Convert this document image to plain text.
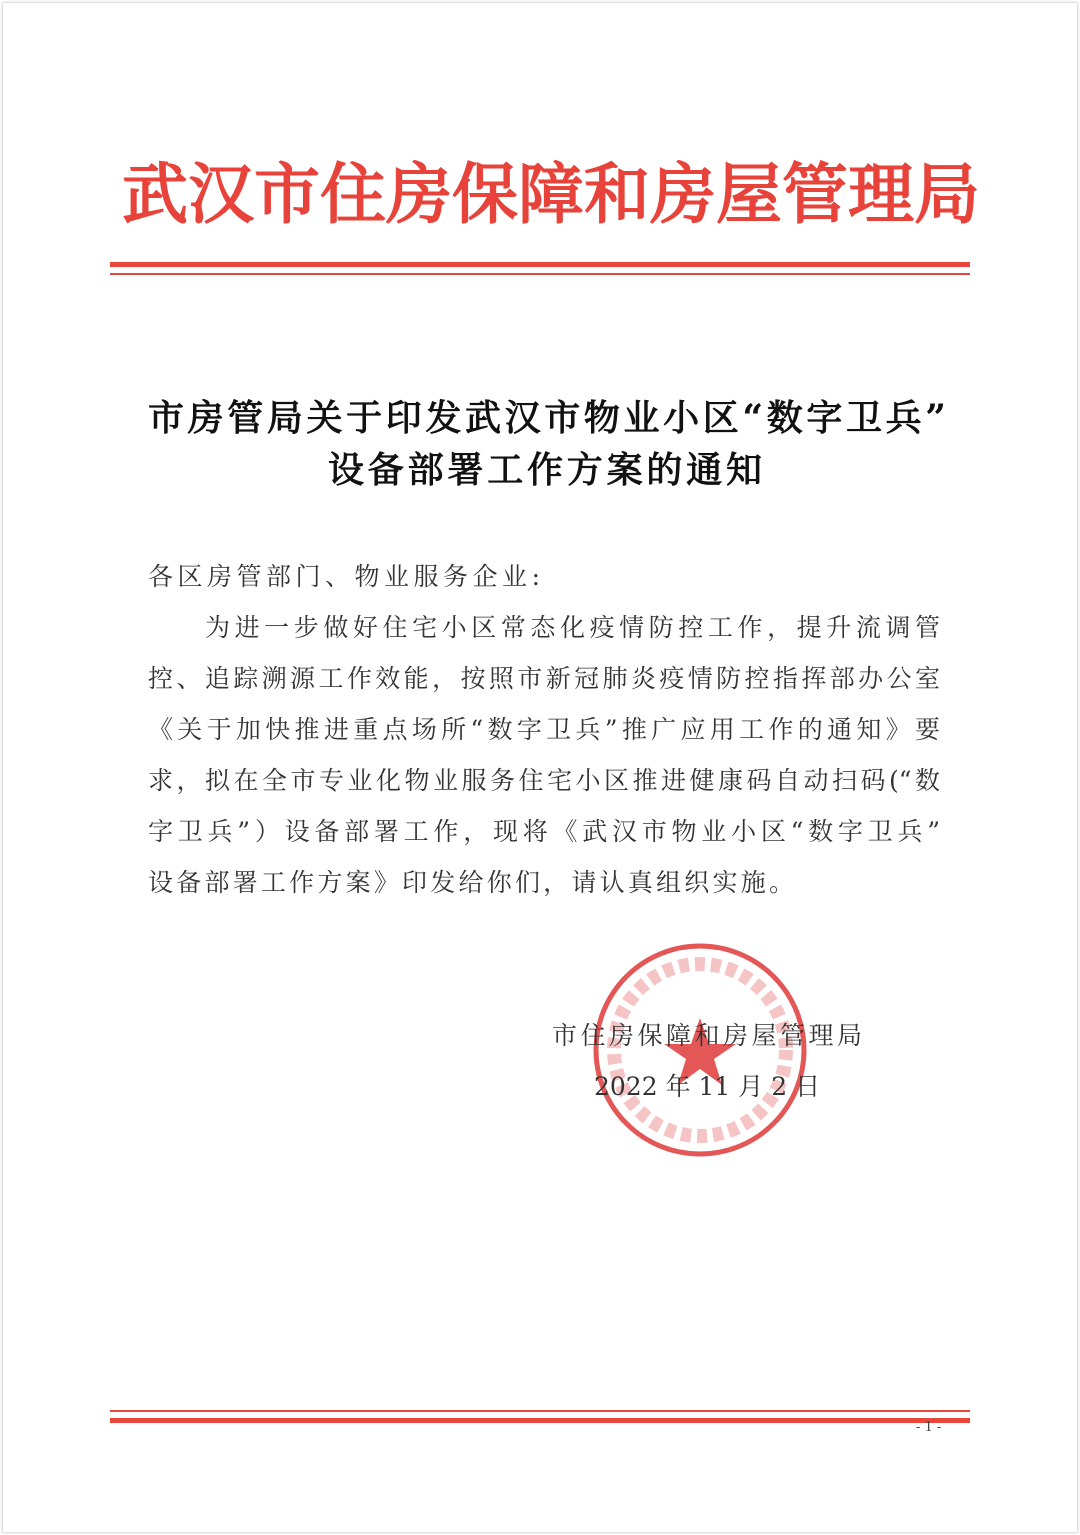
武汉市住房保障和房屋管理局
市房管局关于印发武汉市物业小区“数字卫兵”
设备部署工作方案的通知
各区房管部门、物业服务企业:
为进一步做好住宅小区常态化疫情防控工作，提升流调管
控、追踪溯源工作效能，按照市新冠肺炎疫情防控指挥部办公室
《关于加快推进重点场所“数字卫兵”推广应用工作的通知》要
求，拟在全市专业化物业服务住宅小区推进健康码自动扫码(“数
字卫兵”）设备部署工作，现将《武汉市物业小区“数字卫兵”
设备部署工作方案》印发给你们，请认真组织实施。
市住房保障和房屋管理局
2022 年 11 月 2 日
- 1 -
